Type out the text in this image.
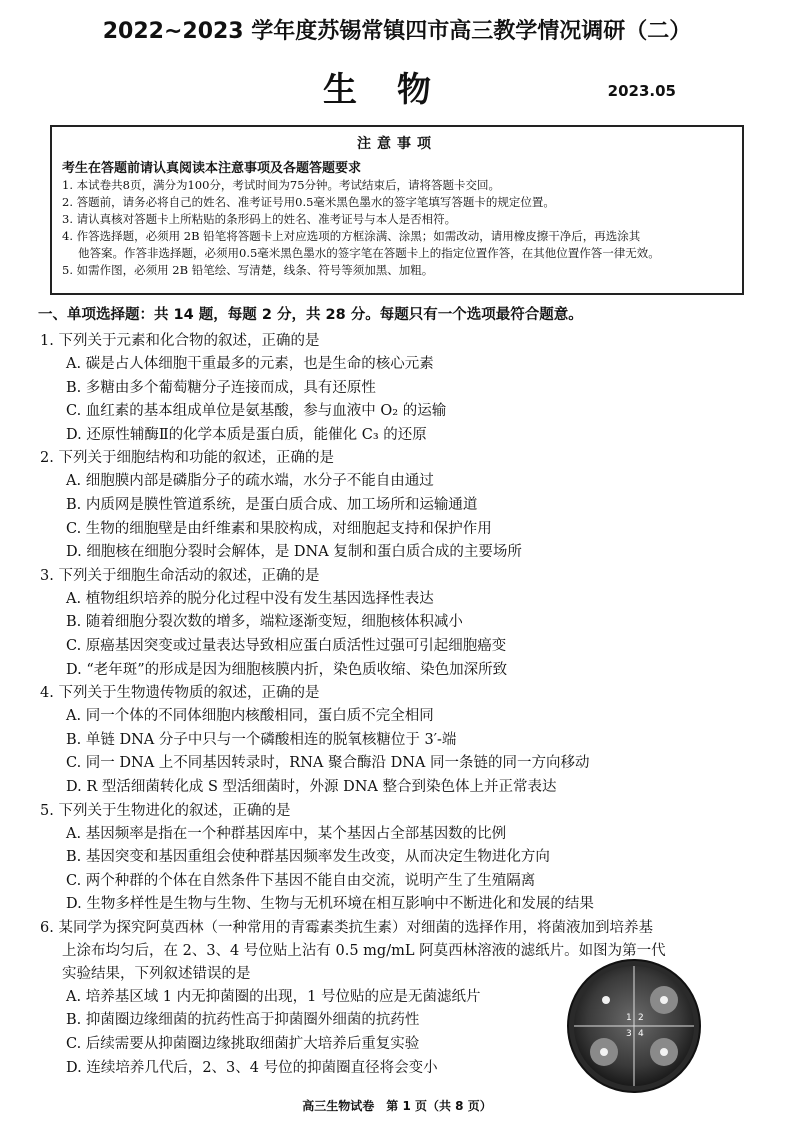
2022~2023 学年度苏锡常镇四市高三教学情况调研（二）
生物	2023.05
注意事项
考生在答题前请认真阅读本注意事项及各题答题要求
1. 本试卷共8页，满分为100分，考试时间为75分钟。考试结束后，请将答题卡交回。
2. 答题前，请务必将自己的姓名、准考证号用0.5毫米黑色墨水的签字笔填写答题卡的规定位置。
3. 请认真核对答题卡上所粘贴的条形码上的姓名、准考证号与本人是否相符。
4. 作答选择题，必须用 2B 铅笔将答题卡上对应选项的方框涂满、涂黑；如需改动，请用橡皮擦干净后，再选涂其
他答案。作答非选择题，必须用0.5毫米黑色墨水的签字笔在答题卡上的指定位置作答，在其他位置作答一律无效。
5. 如需作图，必须用 2B 铅笔绘、写清楚，线条、符号等须加黑、加粗。
一、单项选择题：共 14 题，每题 2 分，共 28 分。每题只有一个选项最符合题意。
1. 下列关于元素和化合物的叙述，正确的是
A. 碳是占人体细胞干重最多的元素，也是生命的核心元素
B. 多糖由多个葡萄糖分子连接而成，具有还原性
C. 血红素的基本组成单位是氨基酸，参与血液中 O₂ 的运输
D. 还原性辅酶Ⅱ的化学本质是蛋白质，能催化 C₃ 的还原
2. 下列关于细胞结构和功能的叙述，正确的是
A. 细胞膜内部是磷脂分子的疏水端，水分子不能自由通过
B. 内质网是膜性管道系统，是蛋白质合成、加工场所和运输通道
C. 生物的细胞壁是由纤维素和果胶构成，对细胞起支持和保护作用
D. 细胞核在细胞分裂时会解体，是 DNA 复制和蛋白质合成的主要场所
3. 下列关于细胞生命活动的叙述，正确的是
A. 植物组织培养的脱分化过程中没有发生基因选择性表达
B. 随着细胞分裂次数的增多，端粒逐渐变短，细胞核体积减小
C. 原癌基因突变或过量表达导致相应蛋白质活性过强可引起细胞癌变
D. “老年斑”的形成是因为细胞核膜内折，染色质收缩、染色加深所致
4. 下列关于生物遗传物质的叙述，正确的是
A. 同一个体的不同体细胞内核酸相同，蛋白质不完全相同
B. 单链 DNA 分子中只与一个磷酸相连的脱氧核糖位于 3′-端
C. 同一 DNA 上不同基因转录时，RNA 聚合酶沿 DNA 同一条链的同一方向移动
D. R 型活细菌转化成 S 型活细菌时，外源 DNA 整合到染色体上并正常表达
5. 下列关于生物进化的叙述，正确的是
A. 基因频率是指在一个种群基因库中，某个基因占全部基因数的比例
B. 基因突变和基因重组会使种群基因频率发生改变，从而决定生物进化方向
C. 两个种群的个体在自然条件下基因不能自由交流，说明产生了生殖隔离
D. 生物多样性是生物与生物、生物与无机环境在相互影响中不断进化和发展的结果
6. 某同学为探究阿莫西林（一种常用的青霉素类抗生素）对细菌的选择作用，将菌液加到培养基
上涂布均匀后，在 2、3、4 号位贴上沾有 0.5 mg/mL 阿莫西林溶液的滤纸片。如图为第一代
实验结果，下列叙述错误的是
A. 培养基区域 1 内无抑菌圈的出现，1 号位贴的应是无菌滤纸片
B. 抑菌圈边缘细菌的抗药性高于抑菌圈外细菌的抗药性
C. 后续需要从抑菌圈边缘挑取细菌扩大培养后重复实验
D. 连续培养几代后，2、3、4 号位的抑菌圈直径将会变小
1 2
3 4
高三生物试卷　第 1 页（共 8 页）
